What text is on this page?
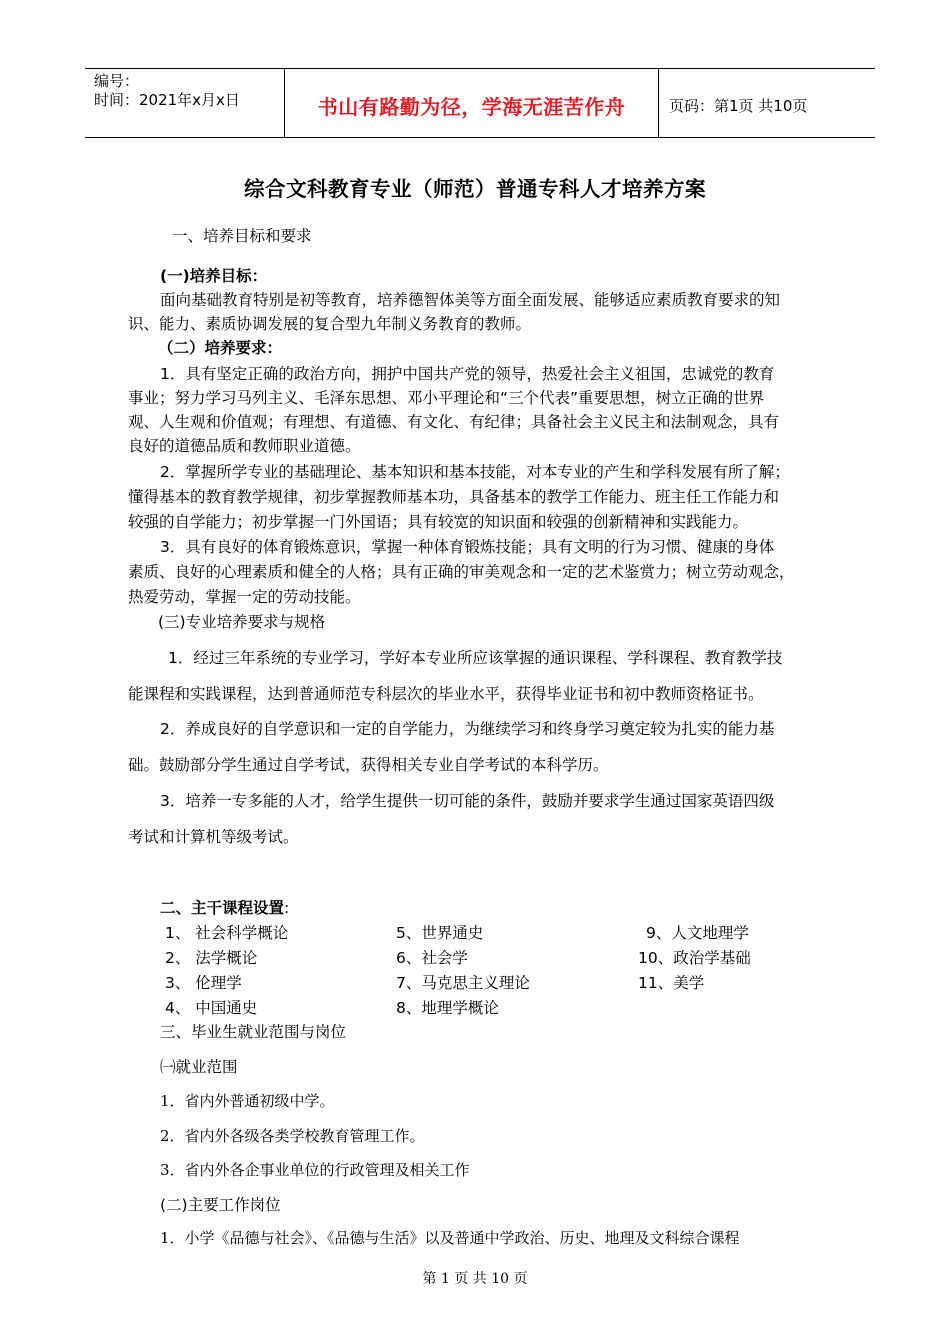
编号：
时间：2021年x月x日	书山有路勤为径，学海无涯苦作舟	页码：第1页 共10页
综合文科教育专业（师范）普通专科人才培养方案
一、培养目标和要求
(一)培养目标：
面向基础教育特别是初等教育，培养德智体美等方面全面发展、能够适应素质教育要求的知
识、能力、素质协调发展的复合型九年制义务教育的教师。
（二）培养要求：
1．具有坚定正确的政治方向，拥护中国共产党的领导，热爱社会主义祖国，忠诚党的教育
事业；努力学习马列主义、毛泽东思想、邓小平理论和“三个代表”重要思想，树立正确的世界
观、人生观和价值观；有理想、有道德、有文化、有纪律；具备社会主义民主和法制观念，具有
良好的道德品质和教师职业道德。
2．掌握所学专业的基础理论、基本知识和基本技能，对本专业的产生和学科发展有所了解；
懂得基本的教育教学规律，初步掌握教师基本功，具备基本的教学工作能力、班主任工作能力和
较强的自学能力；初步掌握一门外国语；具有较宽的知识面和较强的创新精神和实践能力。
3．具有良好的体育锻炼意识，掌握一种体育锻炼技能；具有文明的行为习惯、健康的身体
素质、良好的心理素质和健全的人格；具有正确的审美观念和一定的艺术鉴赏力；树立劳动观念，
热爱劳动，掌握一定的劳动技能。
(三)专业培养要求与规格
1．经过三年系统的专业学习，学好本专业所应该掌握的通识课程、学科课程、教育教学技
能课程和实践课程，达到普通师范专科层次的毕业水平，获得毕业证书和初中教师资格证书。
2．养成良好的自学意识和一定的自学能力，为继续学习和终身学习奠定较为扎实的能力基
础。鼓励部分学生通过自学考试，获得相关专业自学考试的本科学历。
3．培养一专多能的人才，给学生提供一切可能的条件，鼓励并要求学生通过国家英语四级
考试和计算机等级考试。
二、主干课程设置:
1、 社会科学概论	5、世界通史	9、人文地理学
2、 法学概论	6、社会学	10、政治学基础
3、 伦理学	7、马克思主义理论	11、美学
4、 中国通史	8、地理学概论
三、毕业生就业范围与岗位
㈠就业范围
1．省内外普通初级中学。
2．省内外各级各类学校教育管理工作。
3．省内外各企事业单位的行政管理及相关工作
(二)主要工作岗位
1．小学《品德与社会》、《品德与生活》以及普通中学政治、历史、地理及文科综合课程
第 1 页 共 10 页
